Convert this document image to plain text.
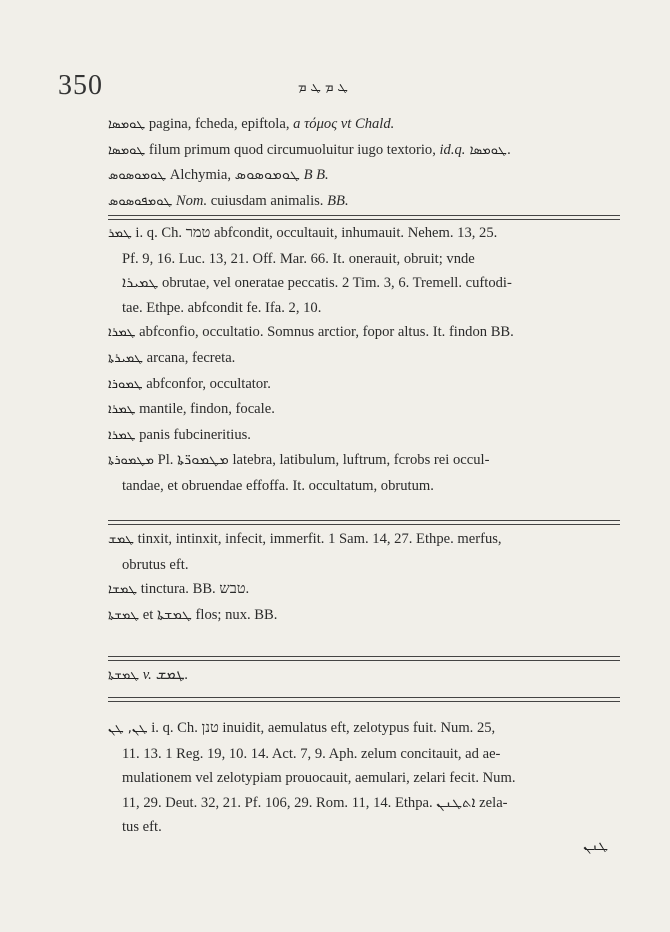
350	ܛ ܡ ܛ ܡ

ܛܘܡܣܐ pagina, fcheda, epiftola, a τόμος vt Chald.

ܛܘܡܣܐ filum primum quod circumuoluitur iugo textorio, id.q. ܛܘܡܣܐ.

ܛܘܡܘܣܘܣ Alchymia, ܛܘܡܘܣܘܣ B B.

ܛܘܡܦܘܣܘܣ Nom. cuiusdam animalis. BB.

ܛܡܪ i. q. Ch. טמר abfcondit, occultauit, inhumauit. Nehem. 13, 25.
Pf. 9, 16. Luc. 13, 21. Off. Mar. 66. It. onerauit, obruit; vnde
ܛܡܝܪܐ obrutae, vel oneratae peccatis. 2 Tim. 3, 6. Tremell. cuftodi-
tae. Ethpe. abfcondit fe. Ifa. 2, 10.

ܛܡܪܐ abfconfio, occultatio. Somnus arctior, fopor altus. It. findon BB.

ܛܡܝܪܬܐ arcana, fecreta.

ܛܡܘܪܐ abfconfor, occultator.

ܛܡܪܐ mantile, findon, focale.

ܛܡܪܐ panis fubcineritius.

ܡܛܡܘܪܬܐ Pl. ܡܛܡܘܪ̈ܬܐ latebra, latibulum, luftrum, fcrobs rei occul-
tandae, et obruendae effoffa. It. occultatum, obrutum.

ܛܡܫ tinxit, intinxit, infecit, immerfit. 1 Sam. 14, 27. Ethpe. merfus,
obrutus eft.

ܛܡܫܐ tinctura. BB. טבש.

ܛܡܫܬܐ et ܛܡܫܬܐ flos; nux. BB.

ܛܡܫܬܐ v. ܛܡܫ.

ܛܢ, ܛܢ i. q. Ch. טנן inuidit, aemulatus eft, zelotypus fuit. Num. 25,
11. 13. 1 Reg. 19, 10. 14. Act. 7, 9. Aph. zelum concitauit, ad ae-
mulationem vel zelotypiam prouocauit, aemulari, zelari fecit. Num.
11, 29. Deut. 32, 21. Pf. 106, 29. Rom. 11, 14. Ethpa. ܐܬܛܢܢ zela-
tus eft.

ܛܢܢ
